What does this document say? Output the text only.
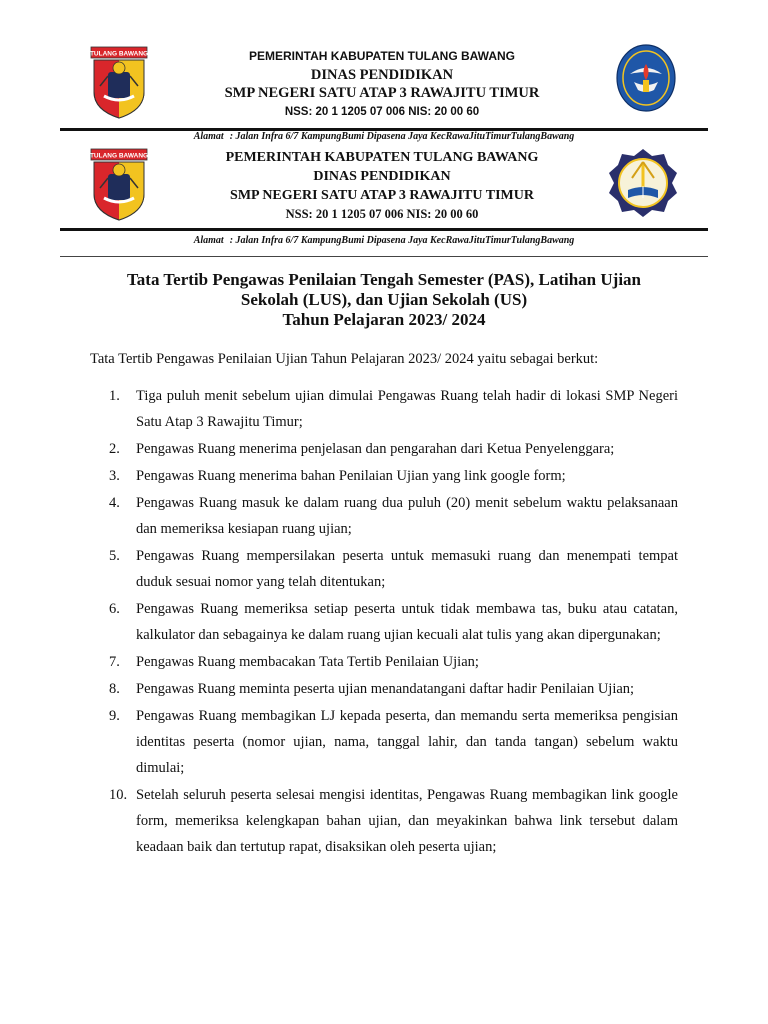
TULANG BAWANG	PEMERINTAH KABUPATEN TULANG BAWANG
DINAS PENDIDIKAN
SMP NEGERI SATU ATAP 3 RAWAJITU TIMUR
NSS: 20 1 1205 07 006 NIS: 20 00 60
Alamat : Jalan Infra 6/7 KampungBumi Dipasena Jaya KecRawaJituTimurTulangBawang
TULANG BAWANG	PEMERINTAH KABUPATEN TULANG BAWANG
DINAS PENDIDIKAN
SMP NEGERI SATU ATAP 3 RAWAJITU TIMUR
NSS: 20 1 1205 07 006 NIS: 20 00 60
Alamat : Jalan Infra 6/7 KampungBumi Dipasena Jaya KecRawaJituTimurTulangBawang
Tata Tertib Pengawas Penilaian Tengah Semester (PAS), Latihan Ujian
Sekolah (LUS), dan Ujian Sekolah (US)
Tahun Pelajaran 2023/ 2024
Tata Tertib Pengawas Penilaian Ujian Tahun Pelajaran 2023/ 2024 yaitu sebagai berkut:
1. Tiga puluh menit sebelum ujian dimulai Pengawas Ruang telah hadir di lokasi SMP Negeri Satu Atap 3 Rawajitu Timur;
2. Pengawas Ruang menerima penjelasan dan pengarahan dari Ketua Penyelenggara;
3. Pengawas Ruang menerima bahan Penilaian Ujian yang link google form;
4. Pengawas Ruang masuk ke dalam ruang dua puluh (20) menit sebelum waktu pelaksanaan dan memeriksa kesiapan ruang ujian;
5. Pengawas Ruang mempersilakan peserta untuk memasuki ruang dan menempati tempat duduk sesuai nomor yang telah ditentukan;
6. Pengawas Ruang memeriksa setiap peserta untuk tidak membawa tas, buku atau catatan, kalkulator dan sebagainya ke dalam ruang ujian kecuali alat tulis yang akan dipergunakan;
7. Pengawas Ruang membacakan Tata Tertib Penilaian Ujian;
8. Pengawas Ruang meminta peserta ujian menandatangani daftar hadir Penilaian Ujian;
9. Pengawas Ruang membagikan LJ kepada peserta, dan memandu serta memeriksa pengisian identitas peserta (nomor ujian, nama, tanggal lahir, dan tanda tangan) sebelum waktu dimulai;
10. Setelah seluruh peserta selesai mengisi identitas, Pengawas Ruang membagikan link google form, memeriksa kelengkapan bahan ujian, dan meyakinkan bahwa link tersebut dalam keadaan baik dan tertutup rapat, disaksikan oleh peserta ujian;
